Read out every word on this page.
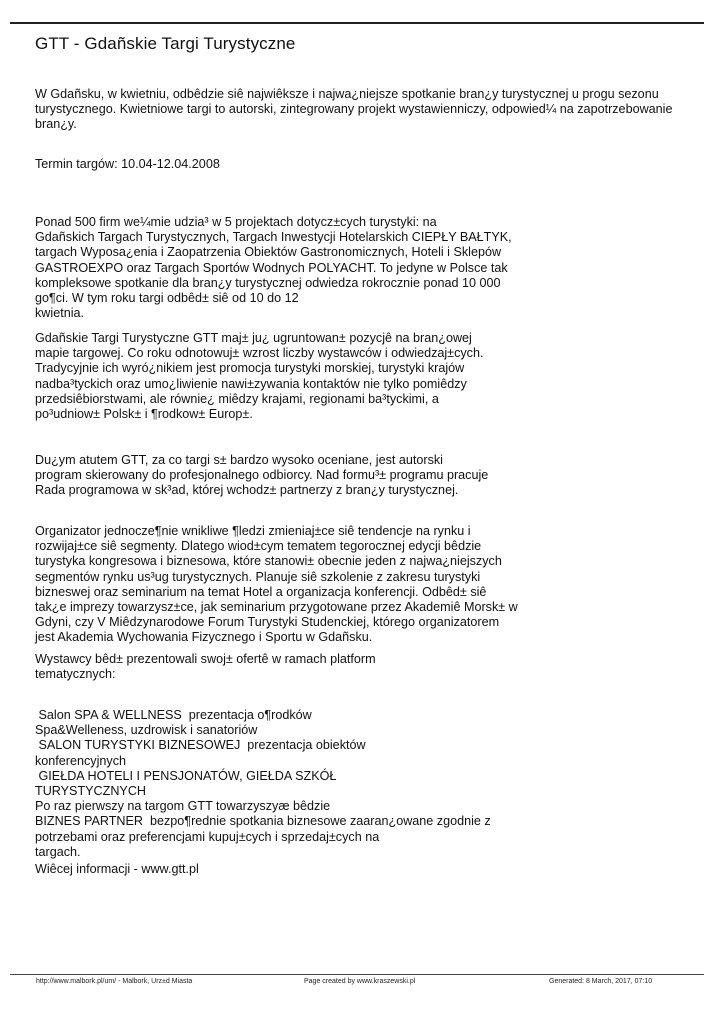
GTT - Gdañskie Targi Turystyczne

W Gdañsku, w kwietniu, odbêdzie siê najwiêksze i najwa¿niejsze spotkanie bran¿y turystycznej u progu sezonu

turystycznego. Kwietniowe targi to autorski, zintegrowany projekt wystawienniczy, odpowied¼ na zapotrzebowanie

bran¿y.

Termin targów: 10.04-12.04.2008

Ponad 500 firm we¼mie udzia³ w 5 projektach dotycz±cych turystyki: na

Gdañskich Targach Turystycznych, Targach Inwestycji Hotelarskich CIEPŁY BAŁTYK,

targach Wyposa¿enia i Zaopatrzenia Obiektów Gastronomicznych, Hoteli i Sklepów

GASTROEXPO oraz Targach Sportów Wodnych POLYACHT. To jedyne w Polsce tak

kompleksowe spotkanie dla bran¿y turystycznej odwiedza rokrocznie ponad 10 000

go¶ci. W tym roku targi odbêd± siê od 10 do 12

kwietnia.

Gdañskie Targi Turystyczne GTT maj± ju¿ ugruntowan± pozycjê na bran¿owej

mapie targowej. Co roku odnotowuj± wzrost liczby wystawców i odwiedzaj±cych.

Tradycyjnie ich wyró¿nikiem jest promocja turystyki morskiej, turystyki krajów

nadba³tyckich oraz umo¿liwienie nawi±zywania kontaktów nie tylko pomiêdzy

przedsiêbiorstwami, ale równie¿ miêdzy krajami, regionami ba³tyckimi, a

po³udniow± Polsk± i ¶rodkow± Europ±.

Du¿ym atutem GTT, za co targi s± bardzo wysoko oceniane, jest autorski

program skierowany do profesjonalnego odbiorcy. Nad formu³± programu pracuje

Rada programowa w sk³ad, której wchodz± partnerzy z bran¿y turystycznej.

Organizator jednocze¶nie wnikliwe ¶ledzi zmieniaj±ce siê tendencje na rynku i

rozwijaj±ce siê segmenty. Dlatego wiod±cym tematem tegorocznej edycji bêdzie

turystyka kongresowa i biznesowa, które stanowi± obecnie jeden z najwa¿niejszych

segmentów rynku us³ug turystycznych. Planuje siê szkolenie z zakresu turystyki

bizneswej oraz seminarium na temat Hotel a organizacja konferencji. Odbêd± siê

tak¿e imprezy towarzysz±ce, jak seminarium przygotowane przez Akademiê Morsk± w

Gdyni, czy V Miêdzynarodowe Forum Turystyki Studenckiej, którego organizatorem

jest Akademia Wychowania Fizycznego i Sportu w Gdañsku.

Wystawcy bêd± prezentowali swoj± ofertê w ramach platform

tematycznych:

Salon SPA & WELLNESS  prezentacja o¶rodków

Spa&Welleness, uzdrowisk i sanatoriów

SALON TURYSTYKI BIZNESOWEJ  prezentacja obiektów

konferencyjnych

GIEŁDA HOTELI I PENSJONATÓW, GIEŁDA SZKÓŁ

TURYSTYCZNYCH

Po raz pierwszy na targom GTT towarzyszyæ bêdzie

BIZNES PARTNER  bezpo¶rednie spotkania biznesowe zaaran¿owane zgodnie z

potrzebami oraz preferencjami kupuj±cych i sprzedaj±cych na

targach.

Wiêcej informacji - www.gtt.pl

http://www.malbork.pl/um/ - Malbork, Urz±d Miasta	Page created by www.kraszewski.pl	Generated: 8 March, 2017, 07:10
